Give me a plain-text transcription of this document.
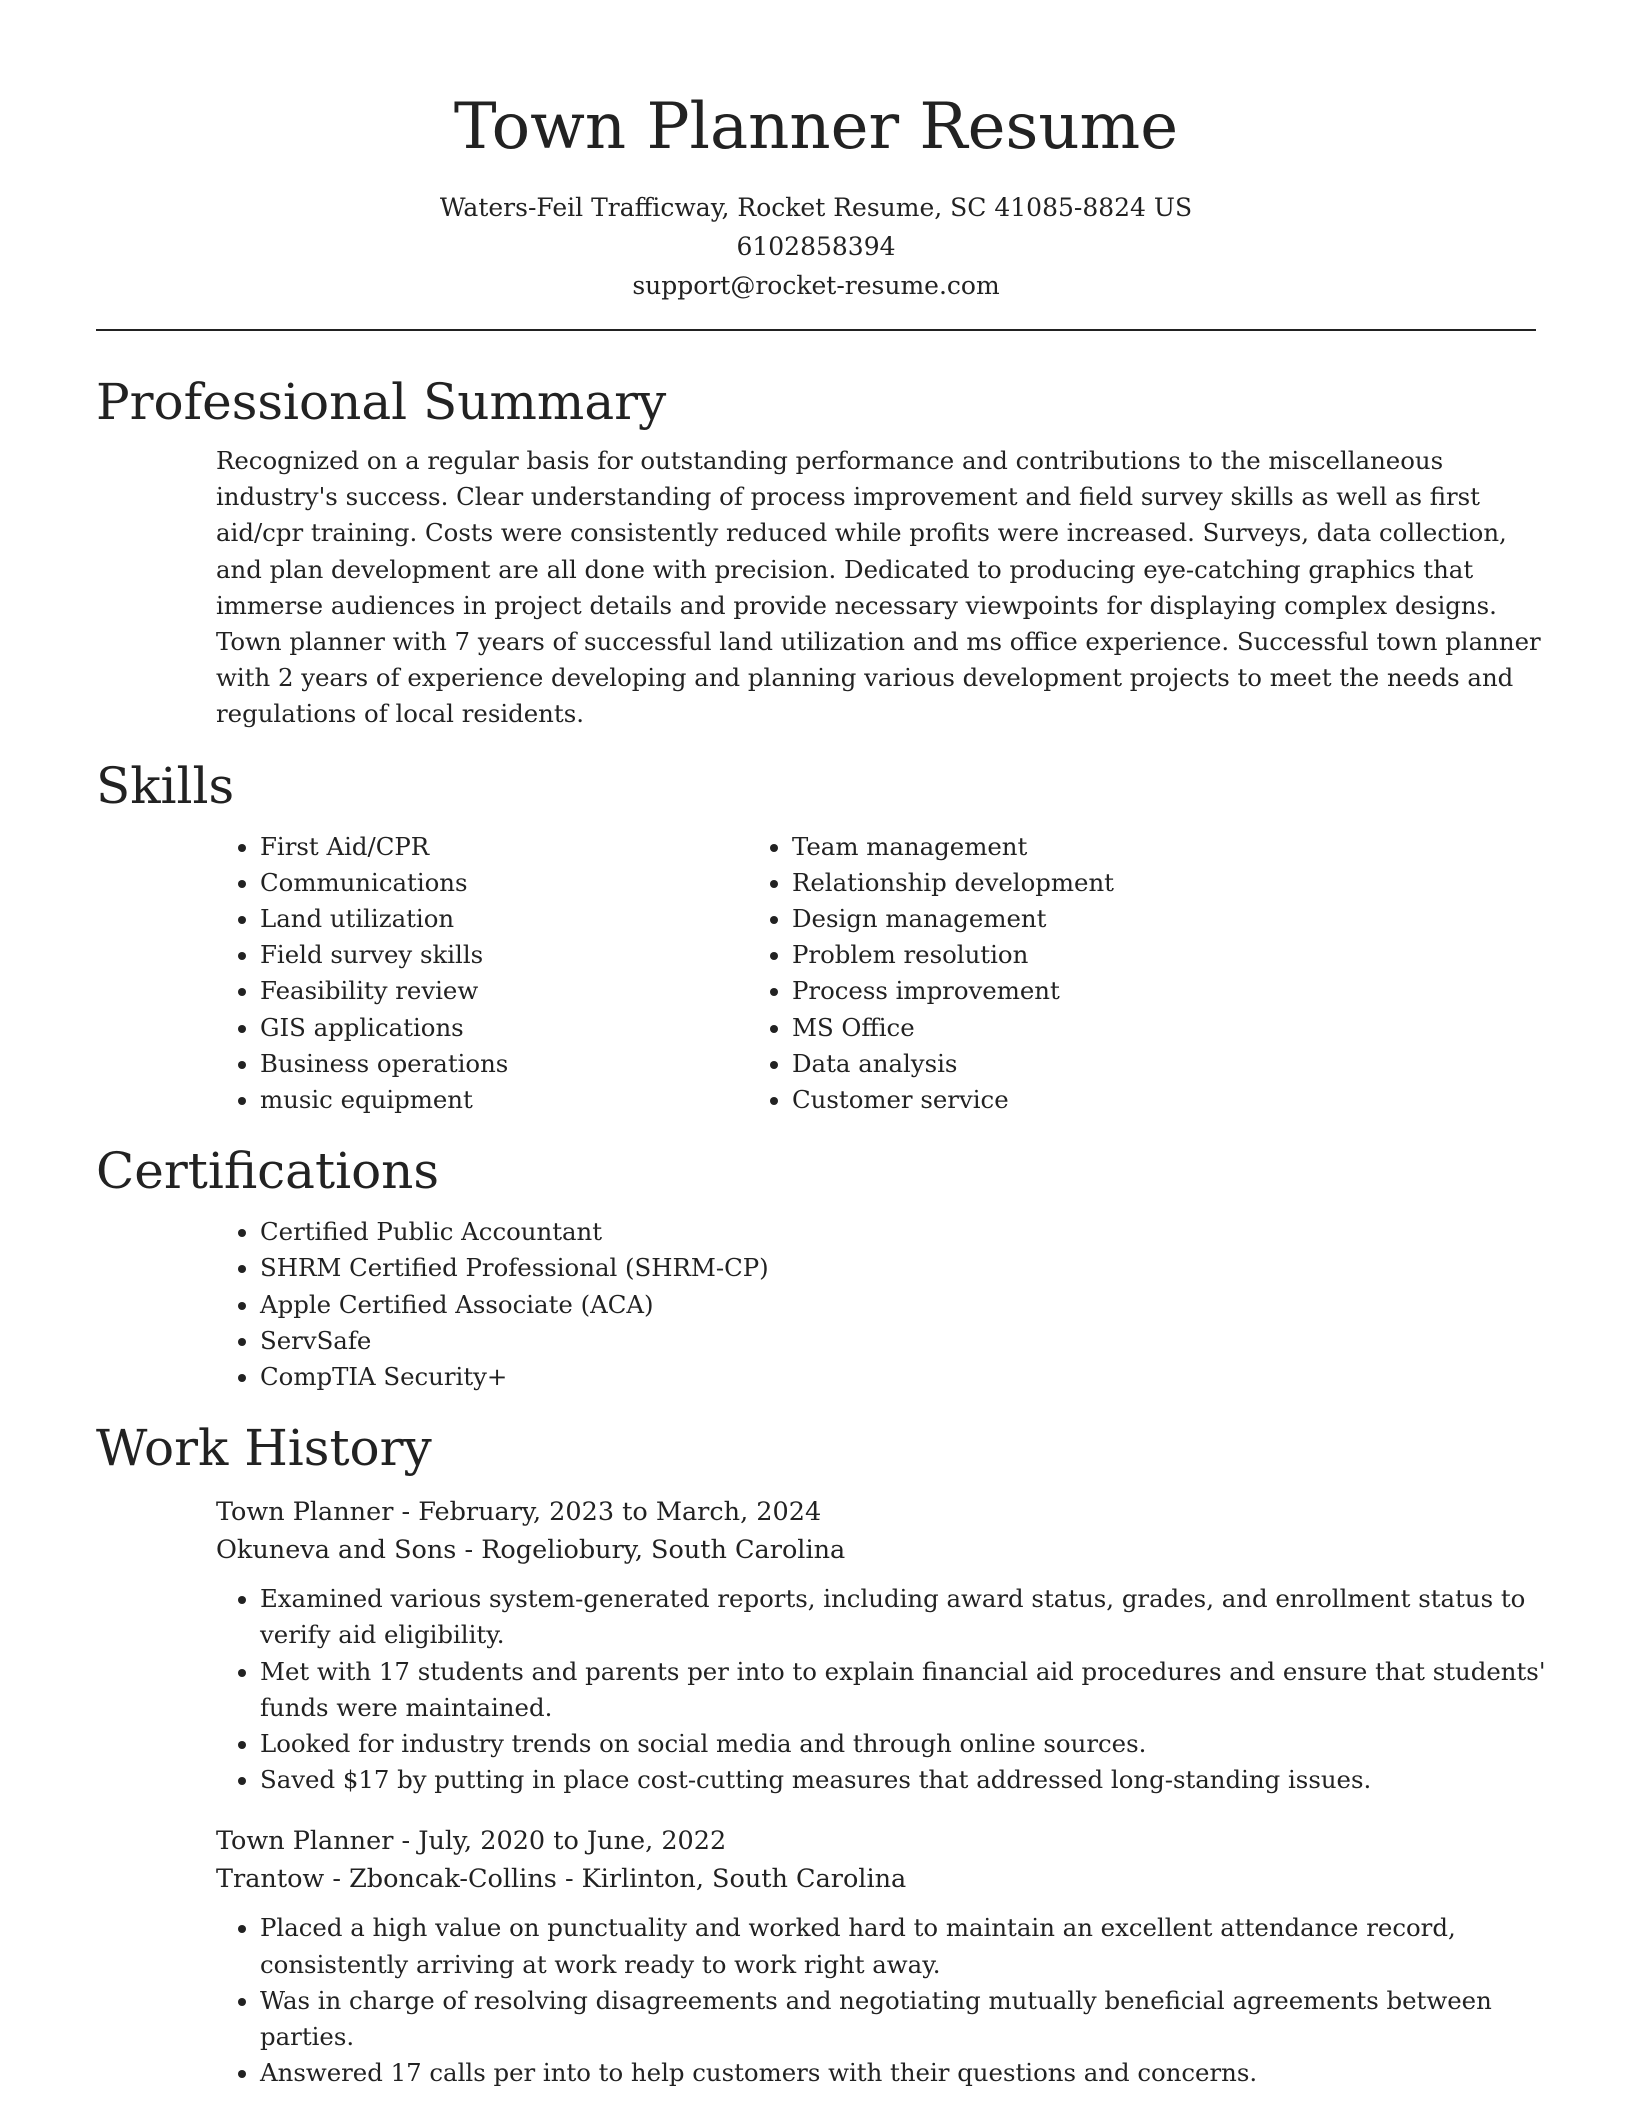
Town Planner Resume
Waters-Feil Trafficway, Rocket Resume, SC 41085-8824 US
6102858394
support@rocket-resume.com
Professional Summary

Recognized on a regular basis for outstanding performance and contributions to the miscellaneous industry's success. Clear understanding of process improvement and field survey skills as well as first aid/cpr training. Costs were consistently reduced while profits were increased. Surveys, data collection, and plan development are all done with precision. Dedicated to producing eye-catching graphics that immerse audiences in project details and provide necessary viewpoints for displaying complex designs. Town planner with 7 years of successful land utilization and ms office experience. Successful town planner with 2 years of experience developing and planning various development projects to meet the needs and regulations of local residents.

Skills
• First Aid/CPR
• Communications
• Land utilization
• Field survey skills
• Feasibility review
• GIS applications
• Business operations
• music equipment
• Team management
• Relationship development
• Design management
• Problem resolution
• Process improvement
• MS Office
• Data analysis
• Customer service
Certifications
• Certified Public Accountant
• SHRM Certified Professional (SHRM-CP)
• Apple Certified Associate (ACA)
• ServSafe
• CompTIA Security+
Work History
Town Planner - February, 2023 to March, 2024
Okuneva and Sons - Rogeliobury, South Carolina
• Examined various system-generated reports, including award status, grades, and enrollment status to verify aid eligibility.
• Met with 17 students and parents per into to explain financial aid procedures and ensure that students' funds were maintained.
• Looked for industry trends on social media and through online sources.
• Saved $17 by putting in place cost-cutting measures that addressed long-standing issues.
Town Planner - July, 2020 to June, 2022
Trantow - Zboncak-Collins - Kirlinton, South Carolina
• Placed a high value on punctuality and worked hard to maintain an excellent attendance record, consistently arriving at work ready to work right away.
• Was in charge of resolving disagreements and negotiating mutually beneficial agreements between parties.
• Answered 17 calls per into to help customers with their questions and concerns.
